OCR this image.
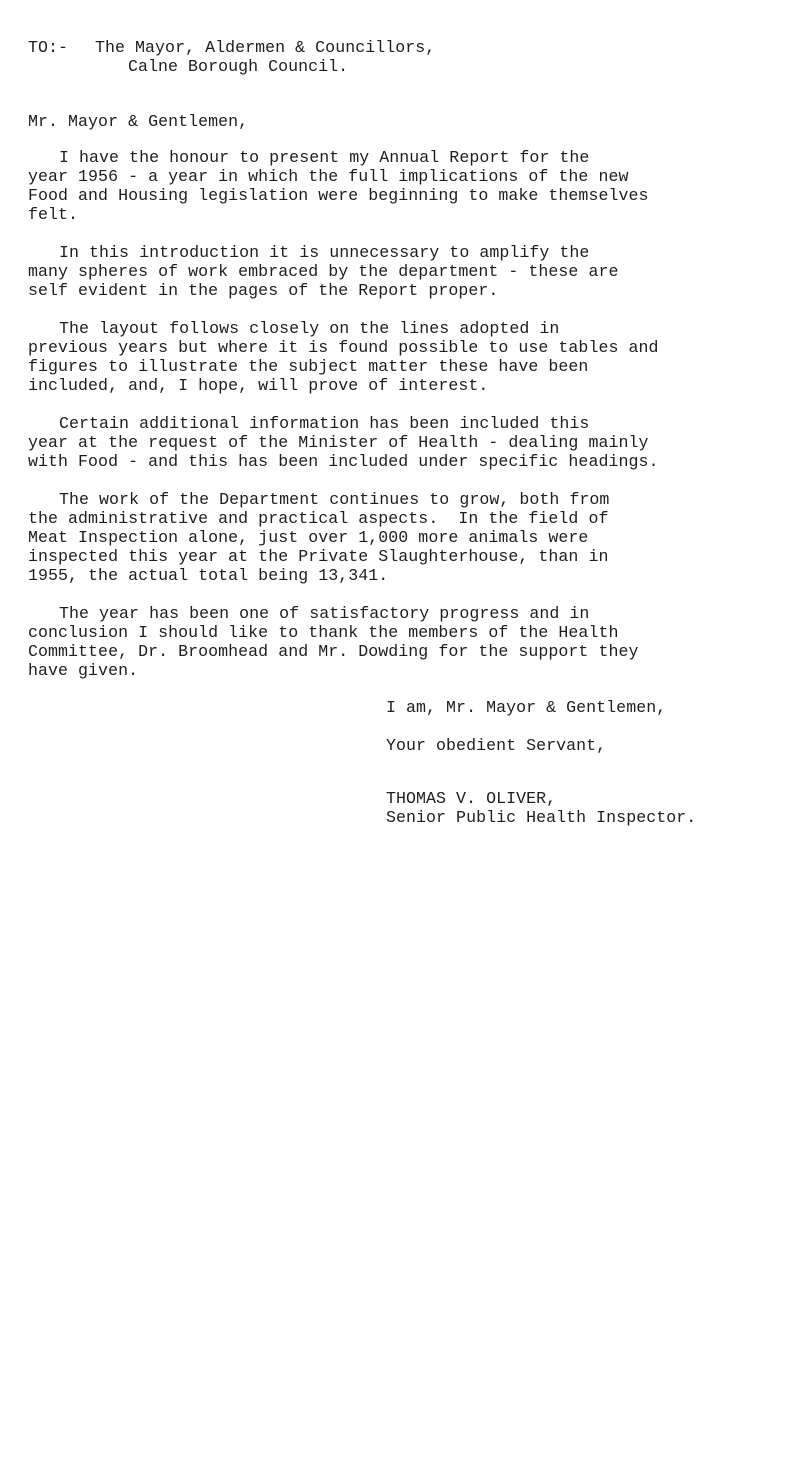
TO:- The Mayor, Aldermen & Councillors,
Calne Borough Council.
Mr. Mayor & Gentlemen,
I have the honour to present my Annual Report for the
year 1956 - a year in which the full implications of the new
Food and Housing legislation were beginning to make themselves
felt.
In this introduction it is unnecessary to amplify the
many spheres of work embraced by the department - these are
self evident in the pages of the Report proper.
The layout follows closely on the lines adopted in
previous years but where it is found possible to use tables and
figures to illustrate the subject matter these have been
included, and, I hope, will prove of interest.
Certain additional information has been included this
year at the request of the Minister of Health - dealing mainly
with Food - and this has been included under specific headings.
The work of the Department continues to grow, both from
the administrative and practical aspects.  In the field of
Meat Inspection alone, just over 1,000 more animals were
inspected this year at the Private Slaughterhouse, than in
1955, the actual total being 13,341.
The year has been one of satisfactory progress and in
conclusion I should like to thank the members of the Health
Committee, Dr. Broomhead and Mr. Dowding for the support they
have given.
I am, Mr. Mayor & Gentlemen,
Your obedient Servant,
THOMAS V. OLIVER,
Senior Public Health Inspector.
